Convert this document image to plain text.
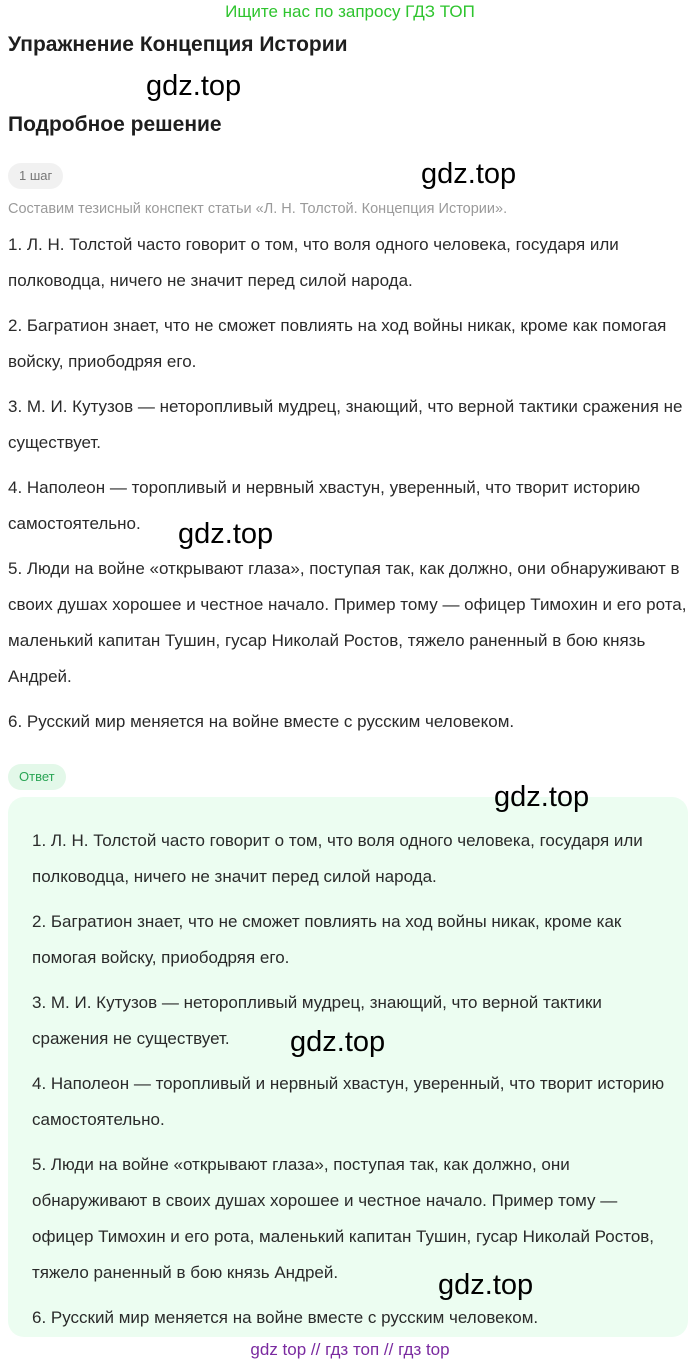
Ищите нас по запросу ГДЗ ТОП
Упражнение Концепция Истории
gdz.top
Подробное решение
1 шаг	gdz.top
Составим тезисный конспект статьи «Л. Н. Толстой. Концепция Истории».
1. Л. Н. Толстой часто говорит о том, что воля одного человека, государя или полководца, ничего не значит перед силой народа.
2. Багратион знает, что не сможет повлиять на ход войны никак, кроме как помогая войску, приободряя его.
3. М. И. Кутузов — неторопливый мудрец, знающий, что верной тактики сражения не существует.
4. Наполеон — торопливый и нервный хвастун, уверенный, что творит историю самостоятельно.
5. Люди на войне «открывают глаза», поступая так, как должно, они обнаруживают в своих душах хорошее и честное начало. Пример тому — офицер Тимохин и его рота, маленький капитан Тушин, гусар Николай Ростов, тяжело раненный в бою князь Андрей.
6. Русский мир меняется на войне вместе с русским человеком.
gdz.top
Ответ
1. Л. Н. Толстой часто говорит о том, что воля одного человека, государя или полководца, ничего не значит перед силой народа.
2. Багратион знает, что не сможет повлиять на ход войны никак, кроме как помогая войску, приободряя его.
3. М. И. Кутузов — неторопливый мудрец, знающий, что верной тактики сражения не существует.
4. Наполеон — торопливый и нервный хвастун, уверенный, что творит историю самостоятельно.
5. Люди на войне «открывают глаза», поступая так, как должно, они обнаруживают в своих душах хорошее и честное начало. Пример тому — офицер Тимохин и его рота, маленький капитан Тушин, гусар Николай Ростов, тяжело раненный в бою князь Андрей.
6. Русский мир меняется на войне вместе с русским человеком.
gdz.top
gdz.top
gdz.top
gdz top // гдз топ // гдз top
